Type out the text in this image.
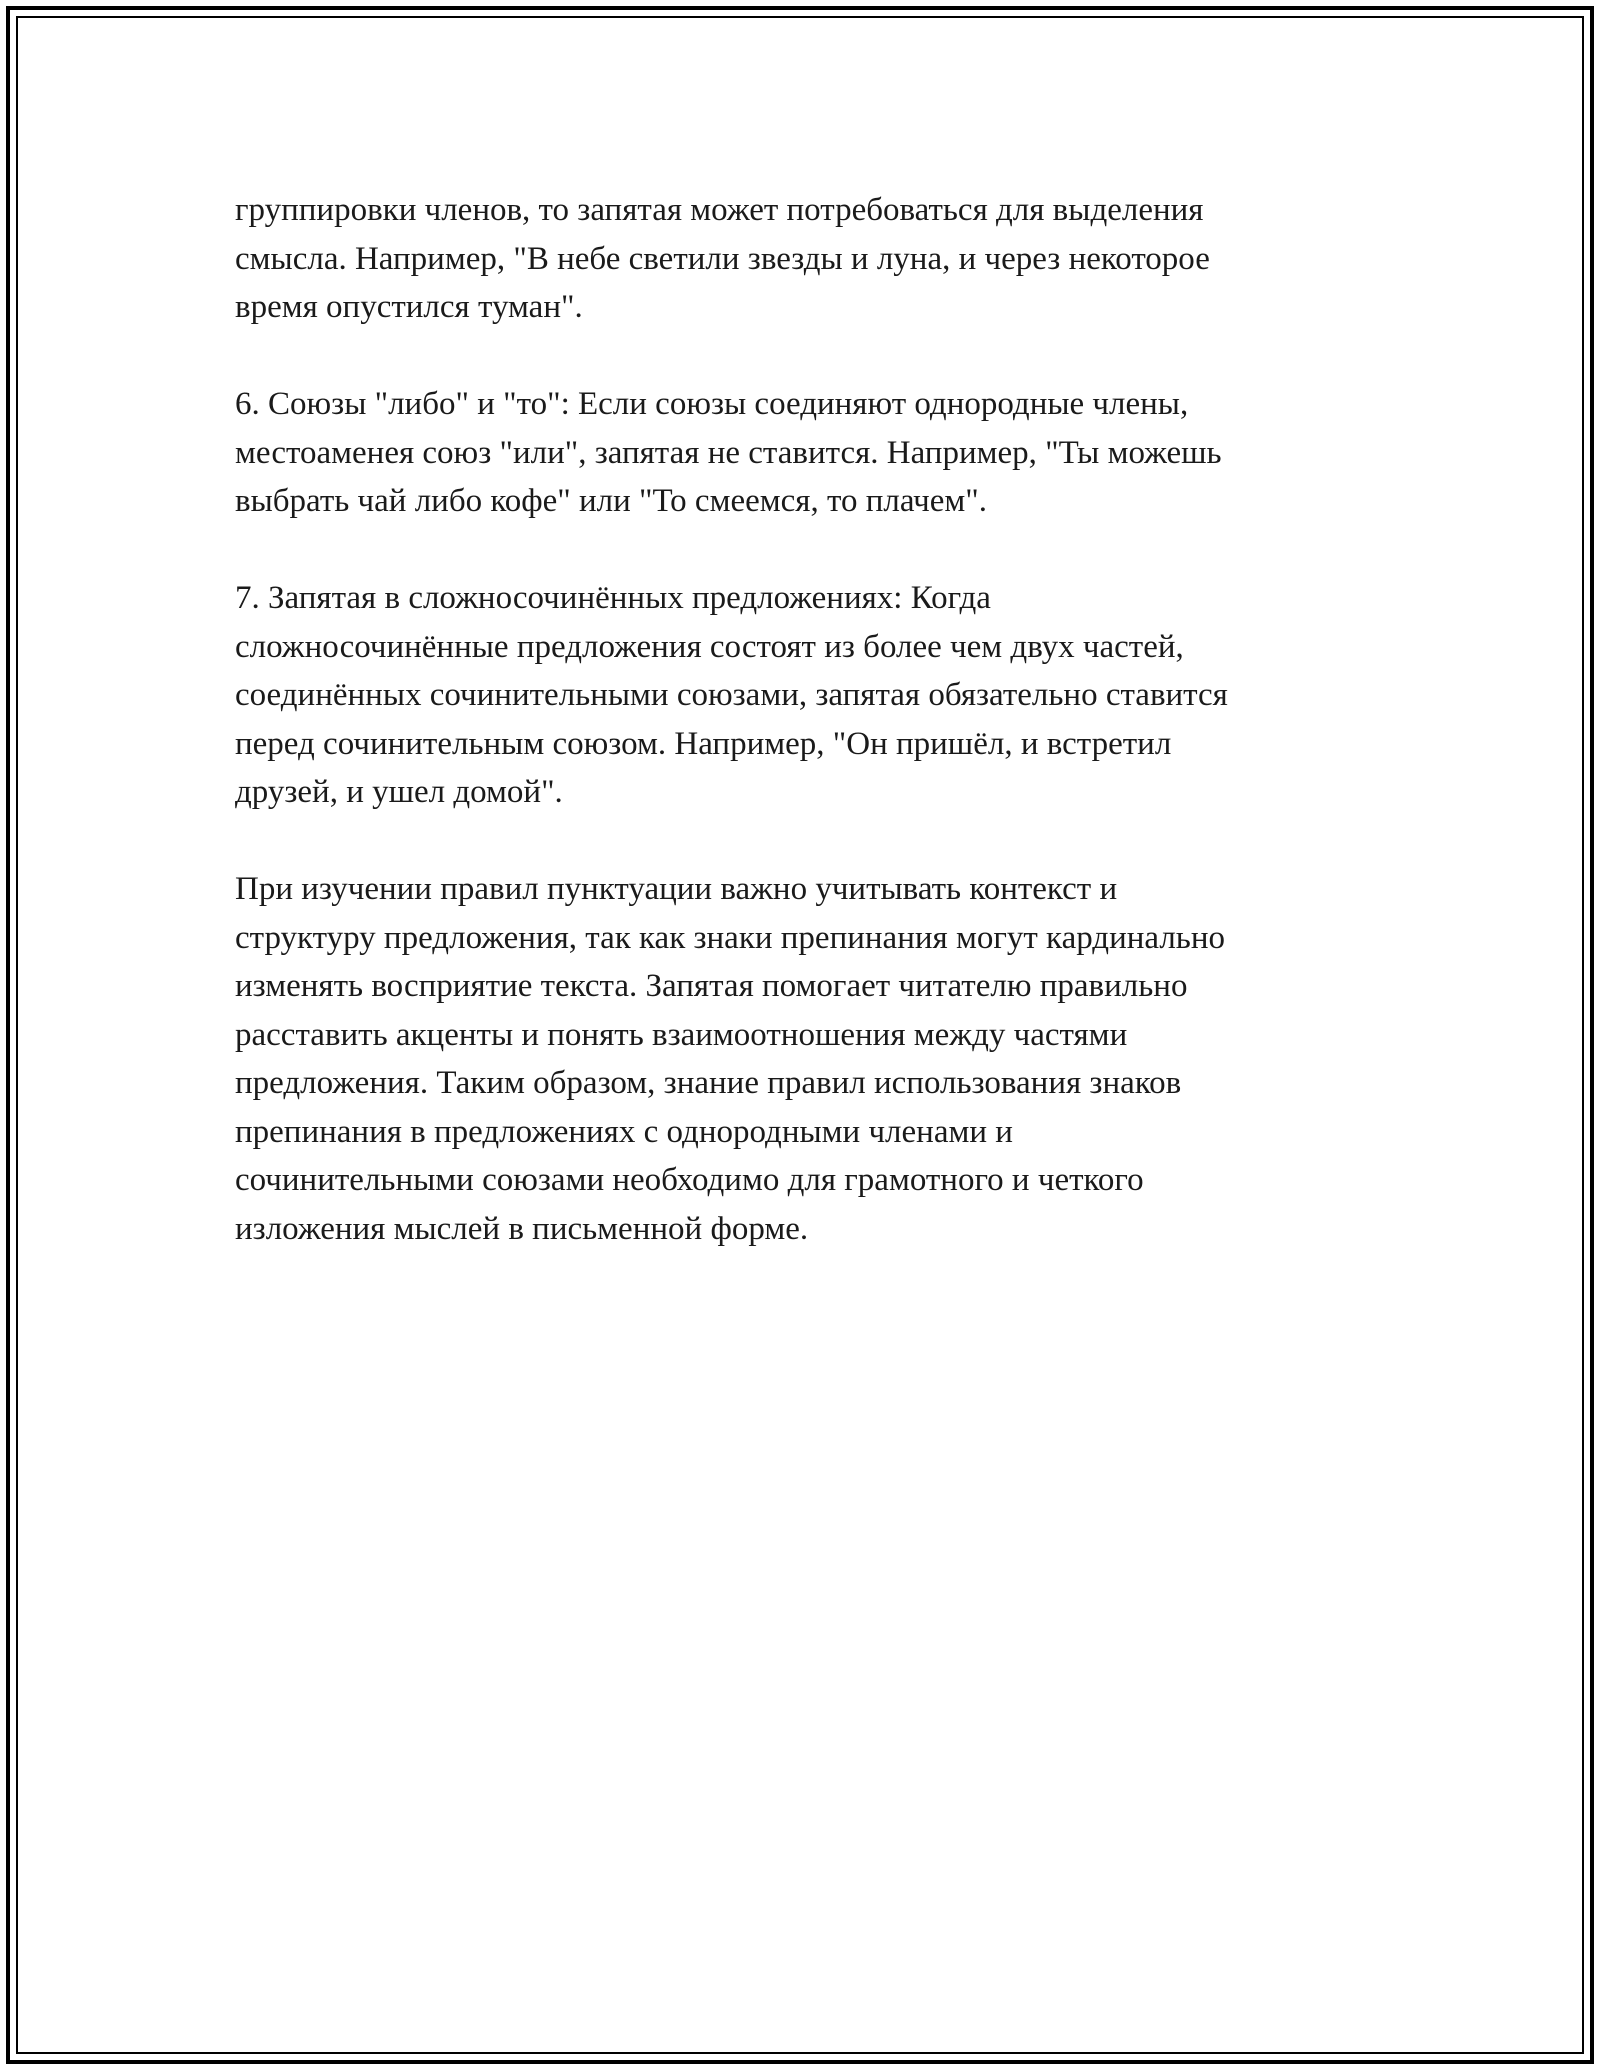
группировки членов, то запятая может потребоваться для выделения
смысла. Например, "В небе светили звезды и луна, и через некоторое
время опустился туман".

6. Союзы "либо" и "то": Если союзы соединяют однородные члены,
местоаменея союз "или", запятая не ставится. Например, "Ты можешь
выбрать чай либо кофе" или "То смеемся, то плачем".

7. Запятая в сложносочинённых предложениях: Когда
сложносочинённые предложения состоят из более чем двух частей,
соединённых сочинительными союзами, запятая обязательно ставится
перед сочинительным союзом. Например, "Он пришёл, и встретил
друзей, и ушел домой".

При изучении правил пунктуации важно учитывать контекст и
структуру предложения, так как знаки препинания могут кардинально
изменять восприятие текста. Запятая помогает читателю правильно
расставить акценты и понять взаимоотношения между частями
предложения. Таким образом, знание правил использования знаков
препинания в предложениях с однородными членами и
сочинительными союзами необходимо для грамотного и четкого
изложения мыслей в письменной форме.
